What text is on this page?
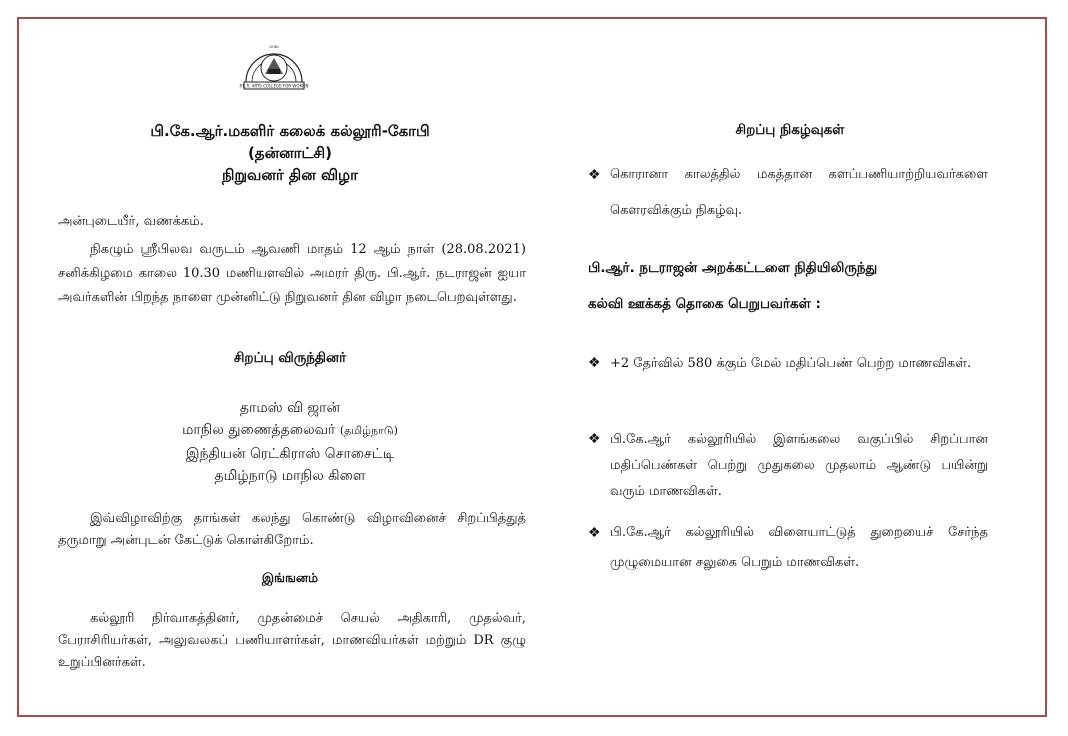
P.K.R. ARTS COLLEGE FOR WOMEN
GOBI

பி.கே.ஆர்.மகளிர் கலைக் கல்லூரி-கோபி

(தன்னாட்சி)

நிறுவனர் தின விழா

அன்புடையீர், வணக்கம்.

நிகழும் ஸ்ரீபிலவ வருடம் ஆவணி மாதம் 12 ஆம் நாள் (28.08.2021) சனிக்கிழமை காலை 10.30 மணியளவில் அமரர் திரு. பி.ஆர். நடராஜன் ஐயா அவர்களின் பிறந்த நாளை முன்னிட்டு நிறுவனர் தின விழா நடைபெறவுள்ளது.

சிறப்பு விருந்தினர்

தாமஸ் வி ஜான்

மாநில துணைத்தலைவர் (தமிழ்நாடு)

இந்தியன் ரெட்கிராஸ் சொசைட்டி

தமிழ்நாடு மாநில கிளை

இவ்விழாவிற்கு தாங்கள் கலந்து கொண்டு விழாவினைச் சிறப்பித்துத் தருமாறு அன்புடன் கேட்டுக் கொள்கிறோம்.

இங்ஙனம்

கல்லூரி நிர்வாகத்தினர், முதன்மைச் செயல் அதிகாரி, முதல்வர், பேராசிரியர்கள், அலுவலகப் பணியாளர்கள், மாணவியர்கள் மற்றும் DR குழு உறுப்பினர்கள்.

சிறப்பு நிகழ்வுகள்

❖ கொரானா காலத்தில் மகத்தான களப்பணியாற்றியவர்களை கௌரவிக்கும் நிகழ்வு.

பி.ஆர். நடராஜன் அறக்கட்டளை நிதியிலிருந்து

கல்வி ஊக்கத் தொகை பெறுபவர்கள் :

❖ +2 தேர்வில் 580 க்கும் மேல் மதிப்பெண் பெற்ற மாணவிகள்.
❖ பி.கே.ஆர் கல்லூரியில் இளங்கலை வகுப்பில் சிறப்பான மதிப்பெண்கள் பெற்று முதுகலை முதலாம் ஆண்டு பயின்று வரும் மாணவிகள்.
❖ பி.கே.ஆர் கல்லூரியில் விளையாட்டுத் துறையைச் சேர்ந்த முழுமையான சலுகை பெறும் மாணவிகள்.
